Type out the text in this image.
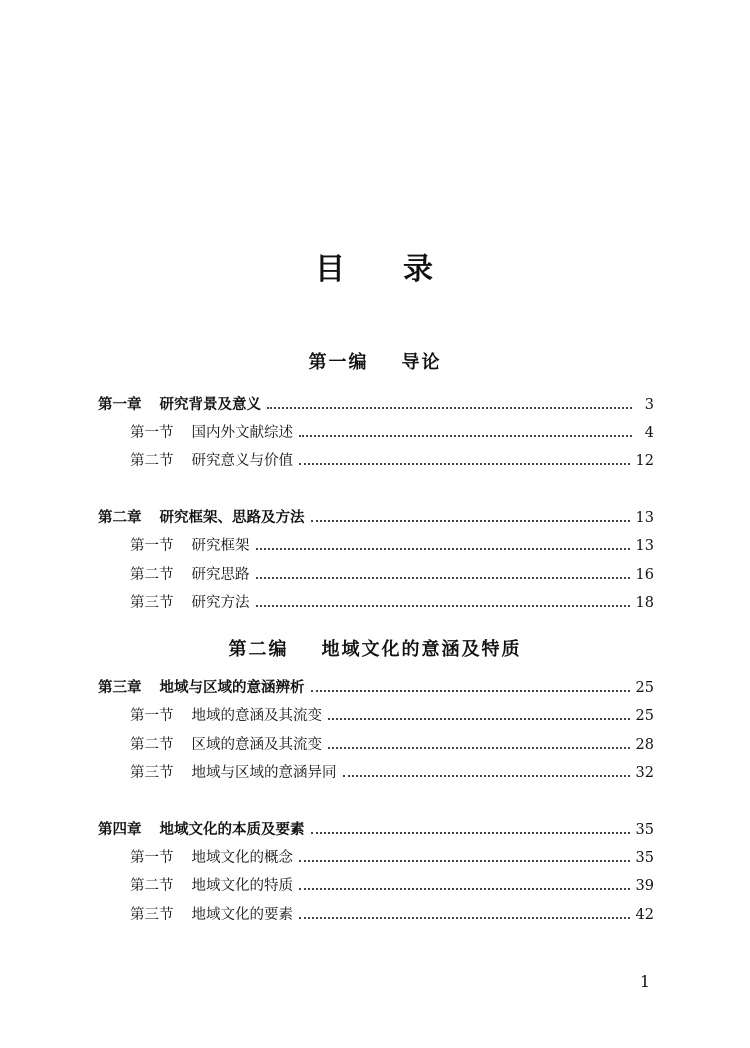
目 录
第一编 导论
第一章 研究背景及意义	3
第一节 国内外文献综述	4
第二节 研究意义与价值	12
第二章 研究框架、思路及方法	13
第一节 研究框架	13
第二节 研究思路	16
第三节 研究方法	18
第二编 地域文化的意涵及特质
第三章 地域与区域的意涵辨析	25
第一节 地域的意涵及其流变	25
第二节 区域的意涵及其流变	28
第三节 地域与区域的意涵异同	32
第四章 地域文化的本质及要素	35
第一节 地域文化的概念	35
第二节 地域文化的特质	39
第三节 地域文化的要素	42
1
